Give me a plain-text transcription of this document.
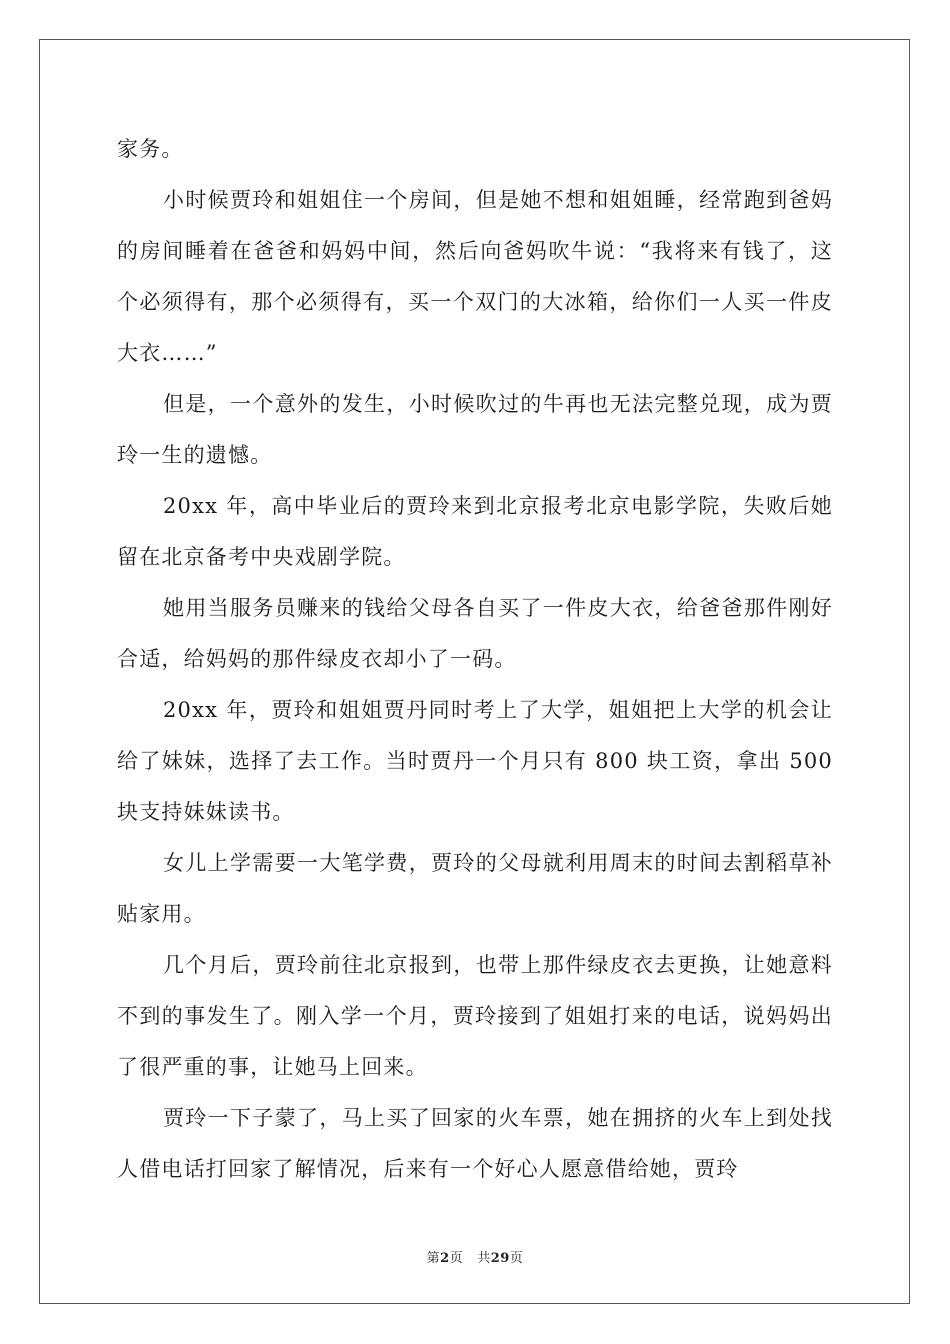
家务。

小时候贾玲和姐姐住一个房间，但是她不想和姐姐睡，经常跑到爸妈的房间睡着在爸爸和妈妈中间，然后向爸妈吹牛说：“我将来有钱了，这个必须得有，那个必须得有，买一个双门的大冰箱，给你们一人买一件皮大衣……”

但是，一个意外的发生，小时候吹过的牛再也无法完整兑现，成为贾玲一生的遗憾。

20xx 年，高中毕业后的贾玲来到北京报考北京电影学院，失败后她留在北京备考中央戏剧学院。

她用当服务员赚来的钱给父母各自买了一件皮大衣，给爸爸那件刚好合适，给妈妈的那件绿皮衣却小了一码。

20xx 年，贾玲和姐姐贾丹同时考上了大学，姐姐把上大学的机会让给了妹妹，选择了去工作。当时贾丹一个月只有 800 块工资，拿出 500 块支持妹妹读书。

女儿上学需要一大笔学费，贾玲的父母就利用周末的时间去割稻草补贴家用。

几个月后，贾玲前往北京报到，也带上那件绿皮衣去更换，让她意料不到的事发生了。刚入学一个月，贾玲接到了姐姐打来的电话，说妈妈出了很严重的事，让她马上回来。

贾玲一下子蒙了，马上买了回家的火车票，她在拥挤的火车上到处找人借电话打回家了解情况，后来有一个好心人愿意借给她，贾玲

第2页 共29页
